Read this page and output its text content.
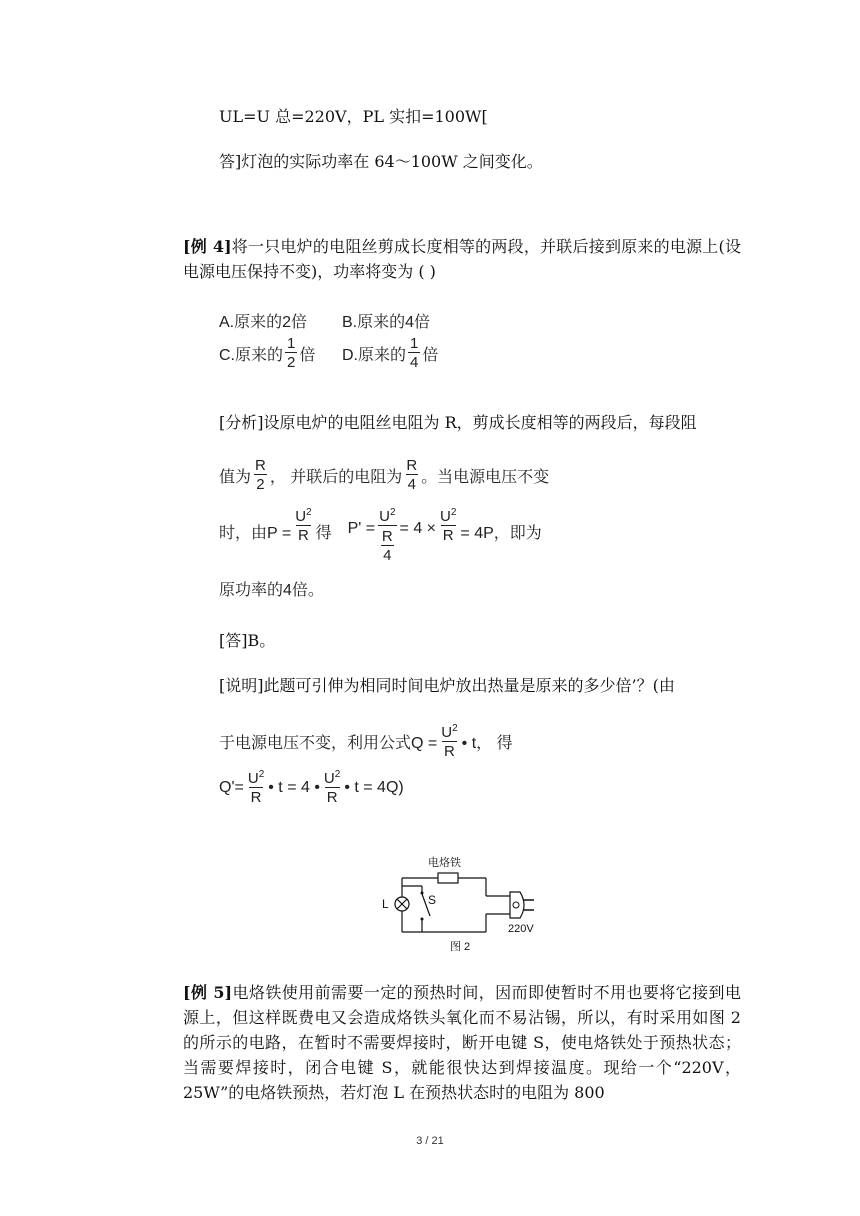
UL=U 总=220V，PL 实扣=100W[
答]灯泡的实际功率在 64～100W 之间变化。
[例 4]将一只电炉的电阻丝剪成长度相等的两段，并联后接到原来的电源上(设电源电压保持不变)，功率将变为 ( )
A.原来的2倍 B.原来的4倍
C.原来的 $\frac{1}{2}$ 倍 D.原来的 $\frac{1}{4}$ 倍
[分析]设原电炉的电阻丝电阻为 R，剪成长度相等的两段后，每段阻
值为 $\frac{R}{2}$ ， 并联后的电阻为 $\frac{R}{4}$ 。当电源电压不变
时，由$P = \frac{U^2}{R}$ 得 $P' = \frac{U^2}{\frac{R}{4}} = 4 \times \frac{U^2}{R} = 4P$，即为
原功率的4倍。
[答]B。
[说明]此题可引伸为相同时间电炉放出热量是原来的多少倍’？(由
于电源电压不变，利用公式$Q = \frac{U^2}{R}$ • t， 得
$Q'= \frac{U^2}{R}$ • t = 4 • $\frac{U^2}{R}$ • t = 4Q)
电烙铁
L	S
220V
图 2
[例 5]电烙铁使用前需要一定的预热时间，因而即使暂时不用也要将它接到电源上，但这样既费电又会造成烙铁头氧化而不易沾锡，所以，有时采用如图 2 的所示的电路，在暂时不需要焊接时，断开电键 S，使电烙铁处于预热状态；当需要焊接时，闭合电键 S，就能很快达到焊接温度。现给一个“220V，25W”的电烙铁预热，若灯泡 L 在预热状态时的电阻为 800
3 / 21
